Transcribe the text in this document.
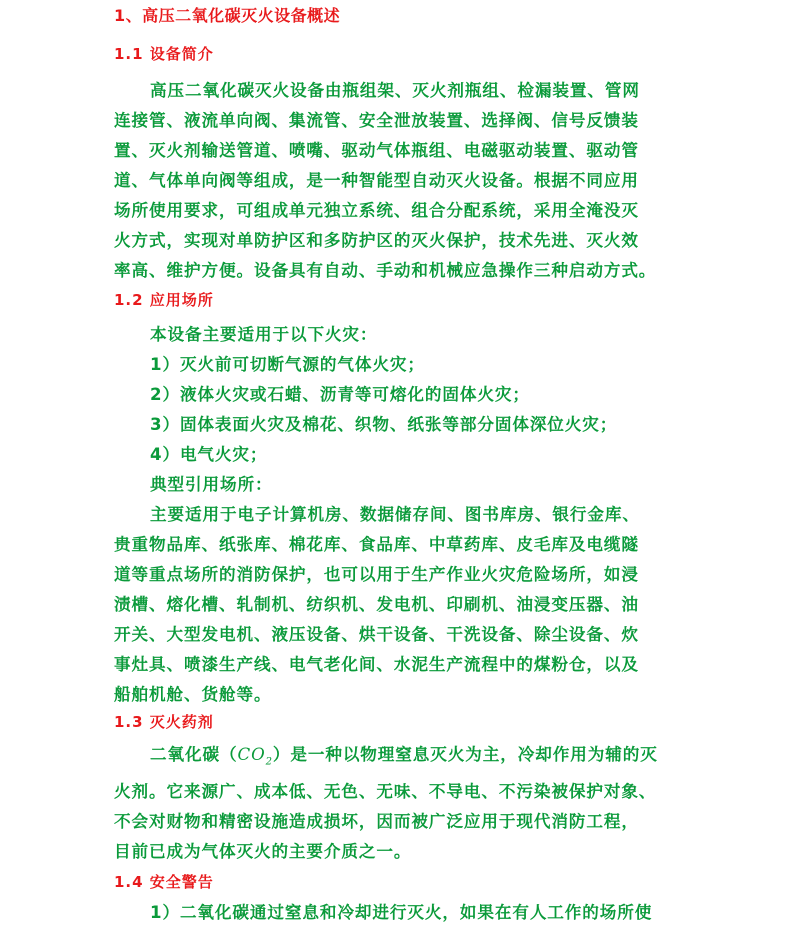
1、高压二氧化碳灭火设备概述
1.1 设备简介
高压二氧化碳灭火设备由瓶组架、灭火剂瓶组、检漏装置、管网
连接管、液流单向阀、集流管、安全泄放装置、选择阀、信号反馈装
置、灭火剂输送管道、喷嘴、驱动气体瓶组、电磁驱动装置、驱动管
道、气体单向阀等组成，是一种智能型自动灭火设备。根据不同应用
场所使用要求，可组成单元独立系统、组合分配系统，采用全淹没灭
火方式，实现对单防护区和多防护区的灭火保护，技术先进、灭火效
率高、维护方便。设备具有自动、手动和机械应急操作三种启动方式。
1.2 应用场所
本设备主要适用于以下火灾：
1）灭火前可切断气源的气体火灾；
2）液体火灾或石蜡、沥青等可熔化的固体火灾；
3）固体表面火灾及棉花、织物、纸张等部分固体深位火灾；
4）电气火灾；
典型引用场所：
主要适用于电子计算机房、数据储存间、图书库房、银行金库、
贵重物品库、纸张库、棉花库、食品库、中草药库、皮毛库及电缆隧
道等重点场所的消防保护，也可以用于生产作业火灾危险场所，如浸
渍槽、熔化槽、轧制机、纺织机、发电机、印刷机、油浸变压器、油
开关、大型发电机、液压设备、烘干设备、干洗设备、除尘设备、炊
事灶具、喷漆生产线、电气老化间、水泥生产流程中的煤粉仓，以及
船舶机舱、货舱等。
1.3 灭火药剂
二氧化碳$(CO_2)$是一种以物理窒息灭火为主，冷却作用为辅的灭
火剂。它来源广、成本低、无色、无味、不导电、不污染被保护对象、
不会对财物和精密设施造成损坏，因而被广泛应用于现代消防工程，
目前已成为气体灭火的主要介质之一。
1.4 安全警告
1）二氧化碳通过窒息和冷却进行灭火，如果在有人工作的场所使
